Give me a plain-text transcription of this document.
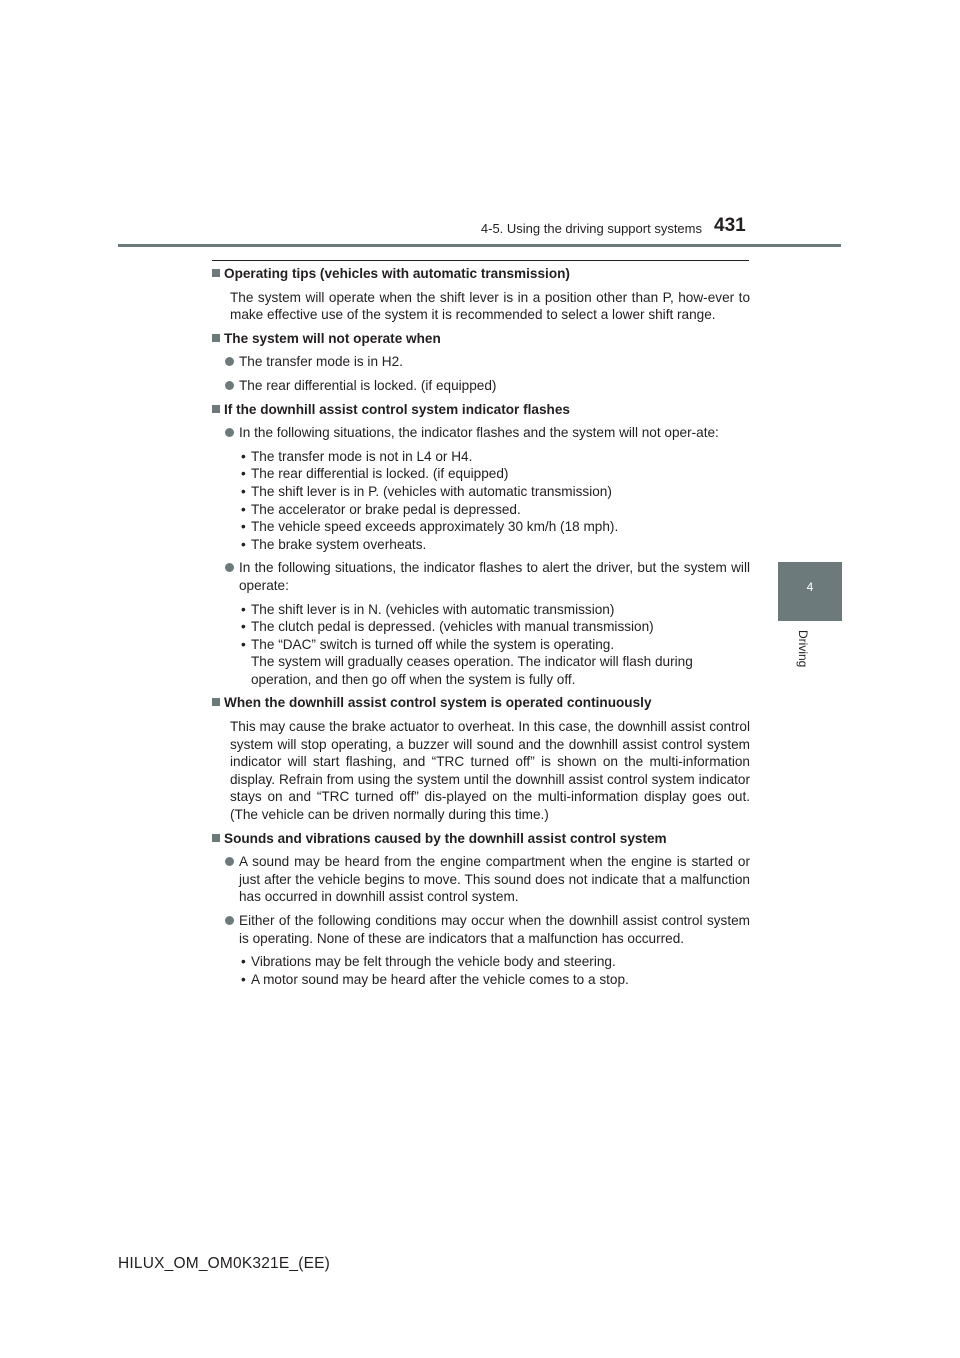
4-5. Using the driving support systems 431
4
Driving
Operating tips (vehicles with automatic transmission)

The system will operate when the shift lever is in a position other than P, how-ever to make effective use of the system it is recommended to select a lower shift range.

The system will not operate when
The transfer mode is in H2.
The rear differential is locked. (if equipped)
If the downhill assist control system indicator flashes
In the following situations, the indicator flashes and the system will not oper-ate:
• The transfer mode is not in L4 or H4.
• The rear differential is locked. (if equipped)
• The shift lever is in P. (vehicles with automatic transmission)
• The accelerator or brake pedal is depressed.
• The vehicle speed exceeds approximately 30 km/h (18 mph).
• The brake system overheats.
In the following situations, the indicator flashes to alert the driver, but the system will operate:
• The shift lever is in N. (vehicles with automatic transmission)
• The clutch pedal is depressed. (vehicles with manual transmission)
• The “DAC” switch is turned off while the system is operating.
The system will gradually ceases operation. The indicator will flash during operation, and then go off when the system is fully off.
When the downhill assist control system is operated continuously

This may cause the brake actuator to overheat. In this case, the downhill assist control system will stop operating, a buzzer will sound and the downhill assist control system indicator will start flashing, and “TRC turned off” is shown on the multi-information display. Refrain from using the system until the downhill assist control system indicator stays on and “TRC turned off” dis-played on the multi-information display goes out. (The vehicle can be driven normally during this time.)

Sounds and vibrations caused by the downhill assist control system
A sound may be heard from the engine compartment when the engine is started or just after the vehicle begins to move. This sound does not indicate that a malfunction has occurred in downhill assist control system.
Either of the following conditions may occur when the downhill assist control system is operating. None of these are indicators that a malfunction has occurred.
• Vibrations may be felt through the vehicle body and steering.
• A motor sound may be heard after the vehicle comes to a stop.
HILUX_OM_OM0K321E_(EE)
